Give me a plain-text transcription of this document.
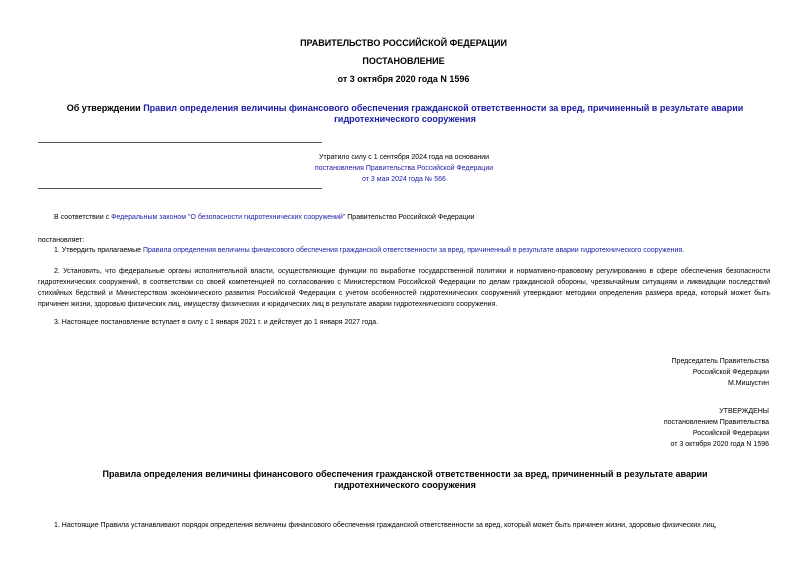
ПРАВИТЕЛЬСТВО РОССИЙСКОЙ ФЕДЕРАЦИИ
ПОСТАНОВЛЕНИЕ
от 3 октября 2020 года N 1596
Об утверждении Правил определения величины финансового обеспечения гражданской ответственности за вред, причиненный в результате аварии гидротехнического сооружения
Утратило силу с 1 сентября 2024 года на основании
постановления Правительства Российской Федерации
от 3 мая 2024 года № 566
В соответствии с Федеральным законом "О безопасности гидротехнических сооружений" Правительство Российской Федерации
постановляет:
1. Утвердить прилагаемые Правила определения величины финансового обеспечения гражданской ответственности за вред, причиненный в результате аварии гидротехнического сооружения.
2. Установить, что федеральные органы исполнительной власти, осуществляющие функции по выработке государственной политики и нормативно-правовому регулированию в сфере обеспечения безопасности гидротехнических сооружений, в соответствии со своей компетенцией по согласованию с Министерством Российской Федерации по делам гражданской обороны, чрезвычайным ситуациям и ликвидации последствий стихийных бедствий и Министерством экономического развития Российской Федерации с учетом особенностей гидротехнических сооружений утверждают методики определения размера вреда, который может быть причинен жизни, здоровью физических лиц, имуществу физических и юридических лиц в результате аварии гидротехнического сооружения.
3. Настоящее постановление вступает в силу с 1 января 2021 г. и действует до 1 января 2027 года.
Председатель Правительства
Российской Федерации
М.Мишустин
УТВЕРЖДЕНЫ
постановлением Правительства
Российской Федерации
от 3 октября 2020 года N 1596
Правила определения величины финансового обеспечения гражданской ответственности за вред, причиненный в результате аварии гидротехнического сооружения
1. Настоящие Правила устанавливают порядок определения величины финансового обеспечения гражданской ответственности за вред, который может быть причинен жизни, здоровью физических лиц,
